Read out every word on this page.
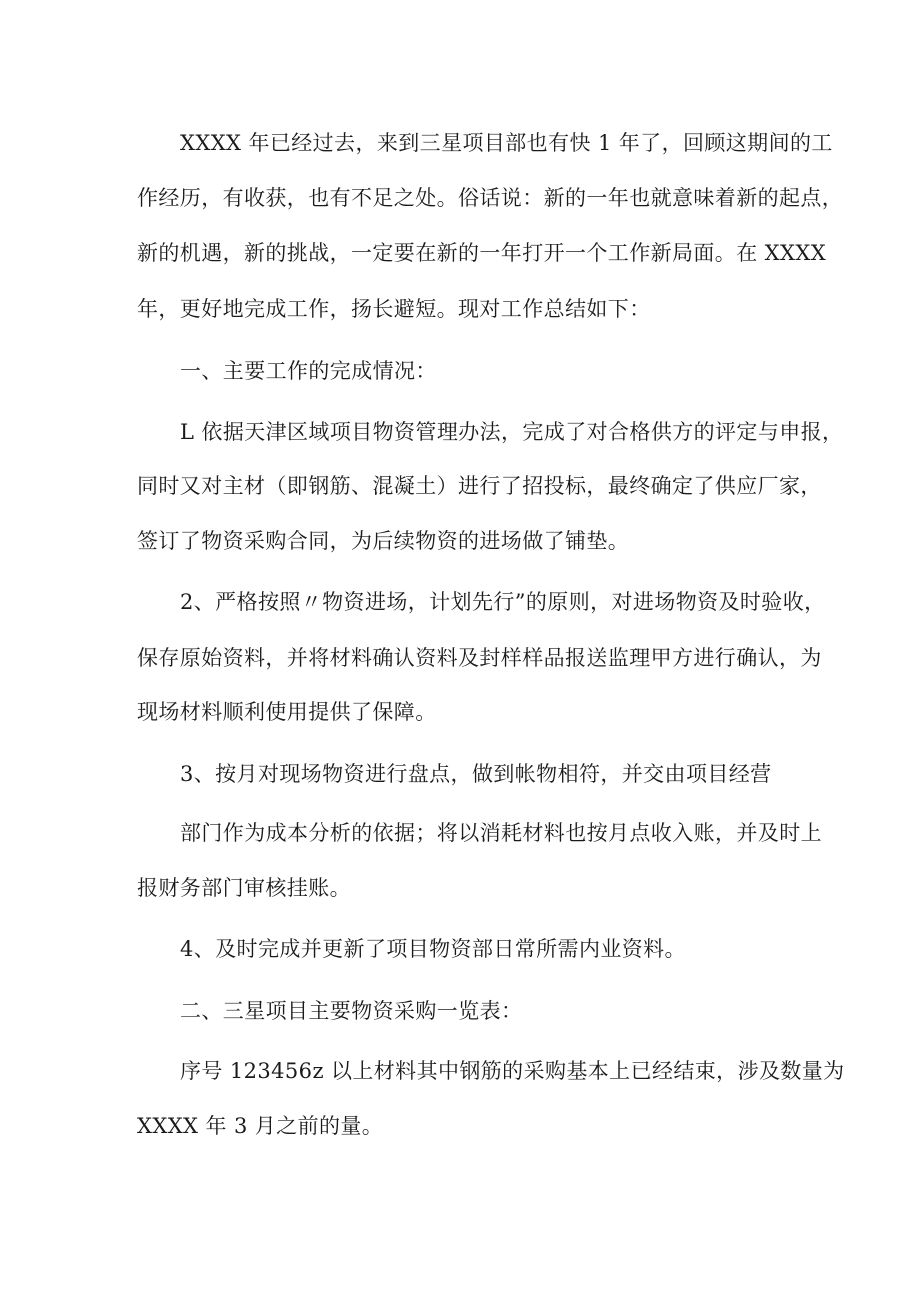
XXXX 年已经过去，来到三星项目部也有快 1 年了，回顾这期间的工
作经历，有收获，也有不足之处。俗话说：新的一年也就意味着新的起点，
新的机遇，新的挑战，一定要在新的一年打开一个工作新局面。在 XXXX
年，更好地完成工作，扬长避短。现对工作总结如下：
一、主要工作的完成情况：
L 依据天津区域项目物资管理办法，完成了对合格供方的评定与申报，
同时又对主材（即钢筋、混凝土）进行了招投标，最终确定了供应厂家，
签订了物资采购合同，为后续物资的进场做了铺垫。
2、严格按照〃物资进场，计划先行”的原则，对进场物资及时验收，
保存原始资料，并将材料确认资料及封样样品报送监理甲方进行确认，为
现场材料顺利使用提供了保障。
3、按月对现场物资进行盘点，做到帐物相符，并交由项目经营
部门作为成本分析的依据；将以消耗材料也按月点收入账，并及时上
报财务部门审核挂账。
4、及时完成并更新了项目物资部日常所需内业资料。
二、三星项目主要物资采购一览表：
序号 123456z 以上材料其中钢筋的采购基本上已经结束，涉及数量为
XXXX 年 3 月之前的量。
